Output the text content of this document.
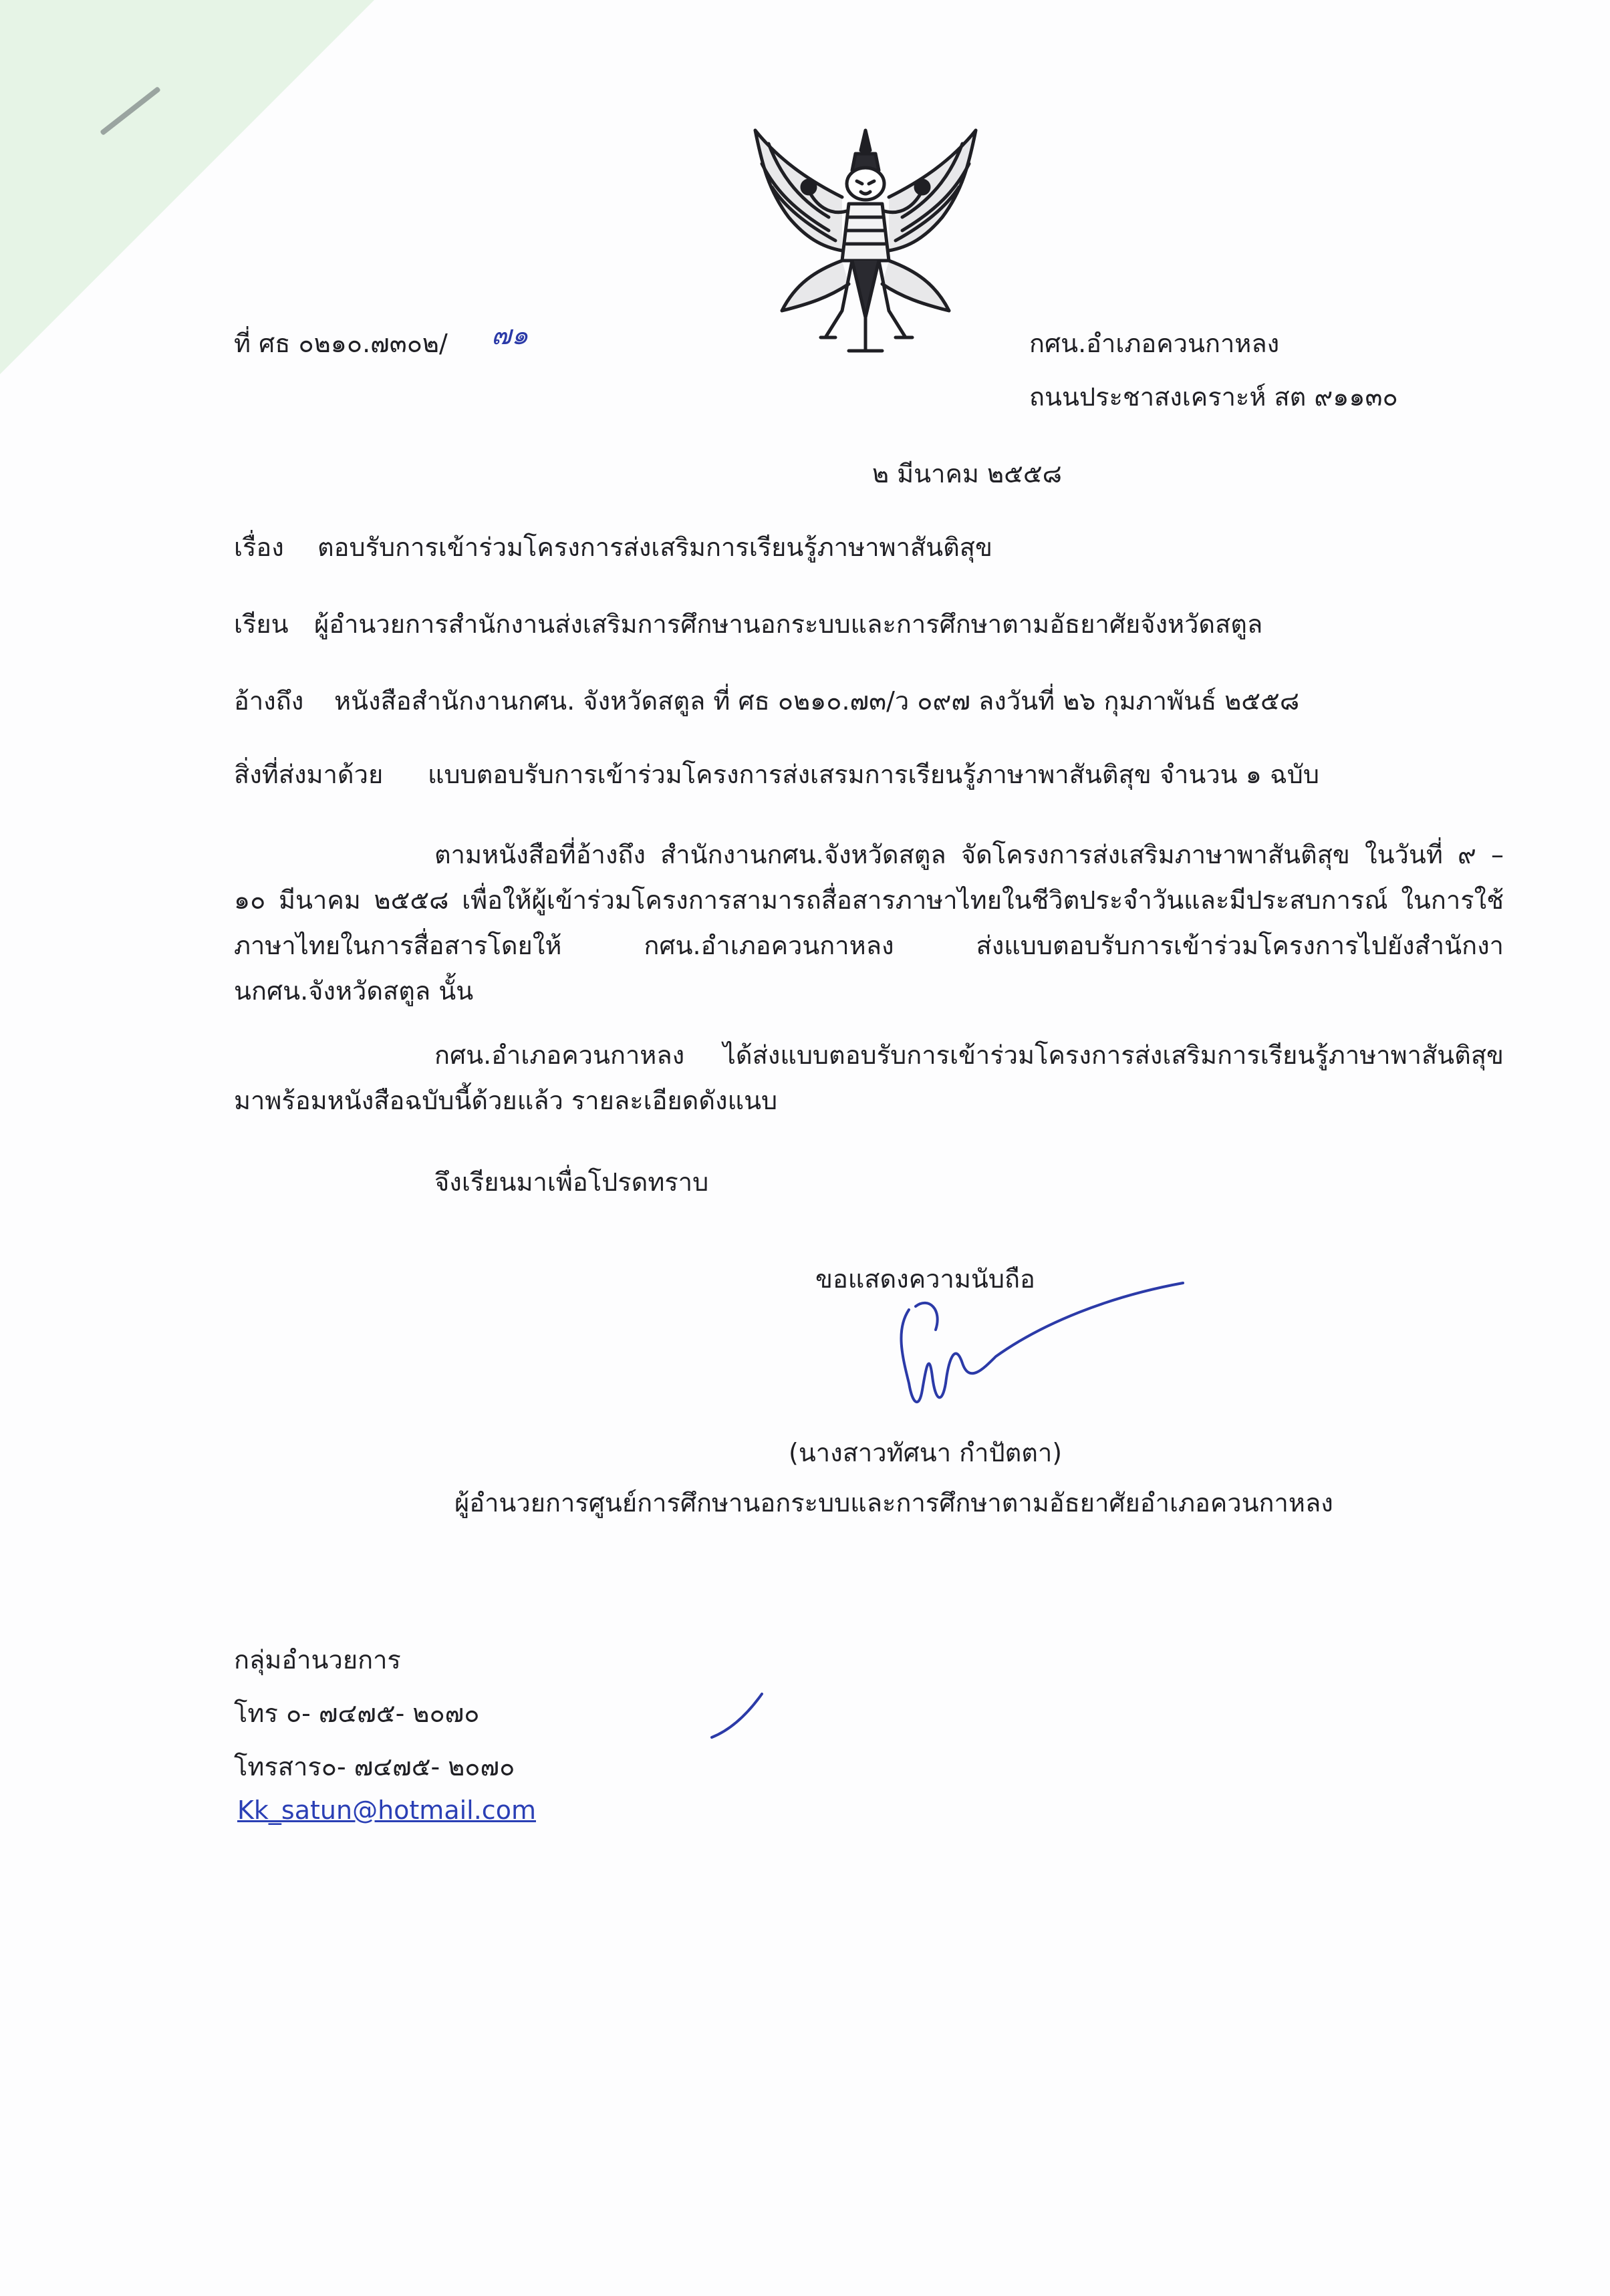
ที่ ศธ ๐๒๑๐.๗๓๐๒/ ๗๑	กศน.อำเภอควนกาหลง
ถนนประชาสงเคราะห์ สต ๙๑๑๓๐
๒ มีนาคม ๒๕๕๘
เรื่อง ตอบรับการเข้าร่วมโครงการส่งเสริมการเรียนรู้ภาษาพาสันติสุข
เรียน ผู้อำนวยการสำนักงานส่งเสริมการศึกษานอกระบบและการศึกษาตามอัธยาศัยจังหวัดสตูล
อ้างถึง หนังสือสำนักงานกศน. จังหวัดสตูล ที่ ศธ ๐๒๑๐.๗๓/ว ๐๙๗ ลงวันที่ ๒๖ กุมภาพันธ์ ๒๕๕๘
สิ่งที่ส่งมาด้วย แบบตอบรับการเข้าร่วมโครงการส่งเสรมการเรียนรู้ภาษาพาสันติสุข จำนวน ๑ ฉบับ
ตามหนังสือที่อ้างถึง สำนักงานกศน.จังหวัดสตูล จัดโครงการส่งเสริมภาษาพาสันติสุข ในวันที่ ๙ – ๑๐ มีนาคม ๒๕๕๘ เพื่อให้ผู้เข้าร่วมโครงการสามารถสื่อสารภาษาไทยในชีวิตประจำวันและมีประสบการณ์ ในการใช้ภาษาไทยในการสื่อสารโดยให้ กศน.อำเภอควนกาหลง ส่งแบบตอบรับการเข้าร่วมโครงการไปยังสำนักงานกศน.จังหวัดสตูล นั้น
กศน.อำเภอควนกาหลง ได้ส่งแบบตอบรับการเข้าร่วมโครงการส่งเสริมการเรียนรู้ภาษาพาสันติสุขมาพร้อมหนังสือฉบับนี้ด้วยแล้ว รายละเอียดดังแนบ
จึงเรียนมาเพื่อโปรดทราบ
ขอแสดงความนับถือ
(นางสาวทัศนา กำปัตตา)
ผู้อำนวยการศูนย์การศึกษานอกระบบและการศึกษาตามอัธยาศัยอำเภอควนกาหลง
กลุ่มอำนวยการ
โทร ๐- ๗๔๗๕- ๒๐๗๐
โทรสาร๐- ๗๔๗๕- ๒๐๗๐
Kk_satun@hotmail.com
